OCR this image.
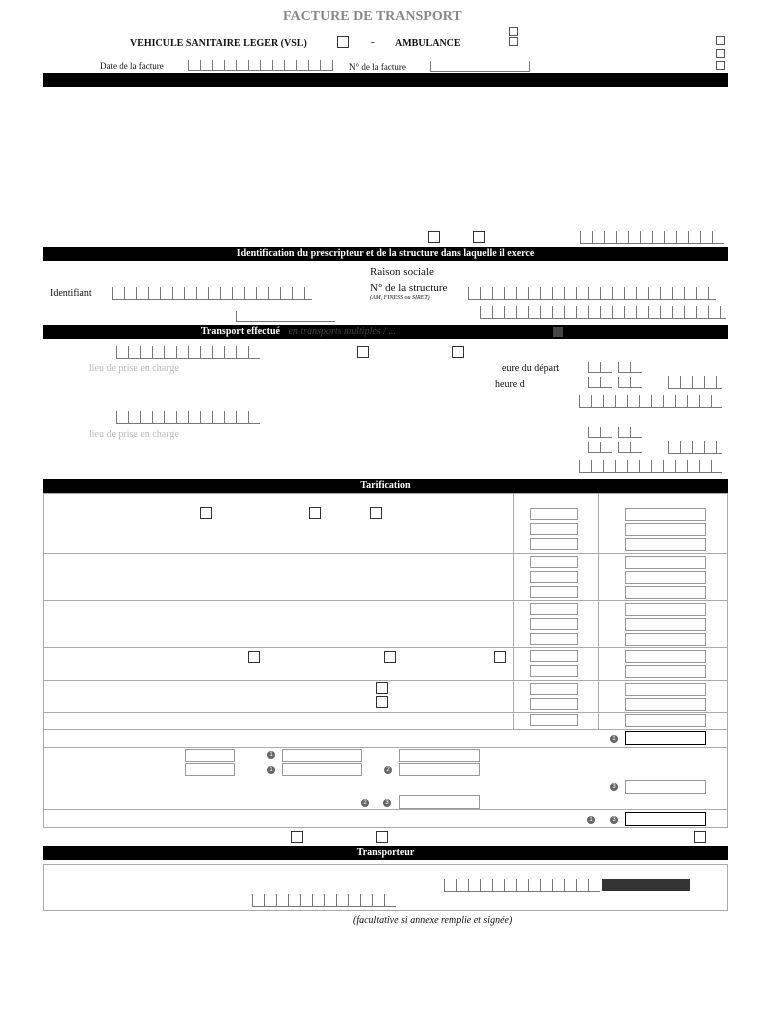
FACTURE DE TRANSPORT
VEHICULE SANITAIRE LEGER (VSL)	- AMBULANCE
Date de la facture	N° de la facture
Identification du prescripteur et de la structure dans laquelle il exerce
Raison sociale
Identifiant	N° de la structure
(AM, FINESS ou SIRET)
Transport effectué en transports multiples / ...
lieu de prise en charge	eure du départ
heure d
lieu de prise en charge
Tarification
1
1
1	2
3
2	3
1	3
Transporteur
(facultative si annexe remplie et signée)
